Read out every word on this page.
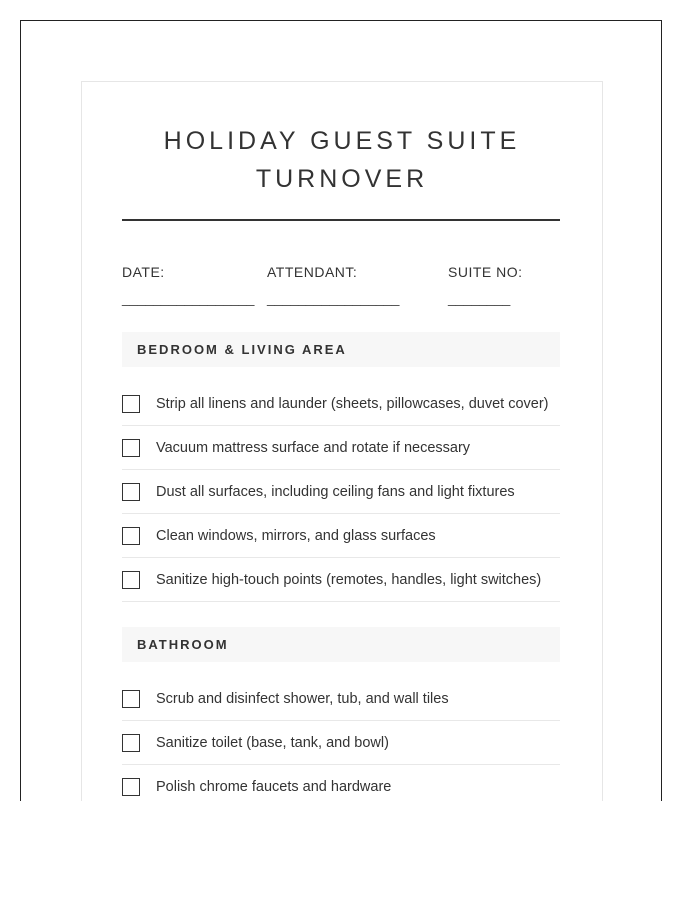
HOLIDAY GUEST SUITE TURNOVER
DATE:
_________________
ATTENDANT:
_________________
SUITE NO:
________
BEDROOM & LIVING AREA
Strip all linens and launder (sheets, pillowcases, duvet cover)
Vacuum mattress surface and rotate if necessary
Dust all surfaces, including ceiling fans and light fixtures
Clean windows, mirrors, and glass surfaces
Sanitize high-touch points (remotes, handles, light switches)
BATHROOM
Scrub and disinfect shower, tub, and wall tiles
Sanitize toilet (base, tank, and bowl)
Polish chrome faucets and hardware
